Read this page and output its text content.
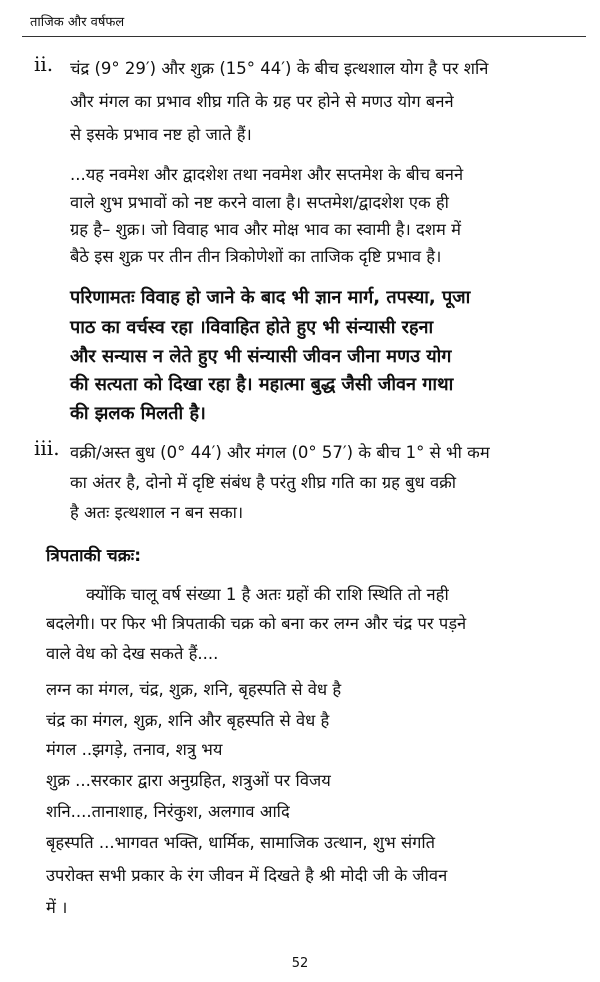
ताजिक और वर्षफल
ii. चंद्र (9° 29′) और शुक्र (15° 44′) के बीच इत्थशाल योग है पर शनि
और मंगल का प्रभाव शीघ्र गति के ग्रह पर होने से मणउ योग बनने
से इसके प्रभाव नष्ट हो जाते हैं।
...यह नवमेश और द्वादशेश तथा नवमेश और सप्तमेश के बीच बनने
वाले शुभ प्रभावों को नष्ट करने वाला है। सप्तमेश/द्वादशेश एक ही
ग्रह है– शुक्र। जो विवाह भाव और मोक्ष भाव का स्वामी है। दशम में
बैठे इस शुक्र पर तीन तीन त्रिकोणेशों का ताजिक दृष्टि प्रभाव है।
परिणामतः विवाह हो जाने के बाद भी ज्ञान मार्ग, तपस्या, पूजा
पाठ का वर्चस्व रहा ।विवाहित होते हुए भी संन्यासी रहना
और सन्यास न लेते हुए भी संन्यासी जीवन जीना मणउ योग
की सत्यता को दिखा रहा है। महात्मा बुद्ध जैसी जीवन गाथा
की झलक मिलती है।
iii. वक्री/अस्त बुध (0° 44′) और मंगल (0° 57′) के बीच 1° से भी कम
का अंतर है, दोनो में दृष्टि संबंध है परंतु शीघ्र गति का ग्रह बुध वक्री
है अतः इत्थशाल न बन सका।
त्रिपताकी चक्रः:
क्योंकि चालू वर्ष संख्या 1 है अतः ग्रहों की राशि स्थिति तो नही
बदलेगी। पर फिर भी त्रिपताकी चक्र को बना कर लग्न और चंद्र पर पड़ने
वाले वेध को देख सकते हैं....
लग्न का मंगल, चंद्र, शुक्र, शनि, बृहस्पति से वेध है
चंद्र का मंगल, शुक्र, शनि और बृहस्पति से वेध है
मंगल ..झगड़े, तनाव, शत्रु भय
शुक्र ...सरकार द्वारा अनुग्रहित, शत्रुओं पर विजय
शनि....तानाशाह, निरंकुश, अलगाव आदि
बृहस्पति ...भागवत भक्ति, धार्मिक, सामाजिक उत्थान, शुभ संगति
उपरोक्त सभी प्रकार के रंग जीवन में दिखते है श्री मोदी जी के जीवन
में ।
52
